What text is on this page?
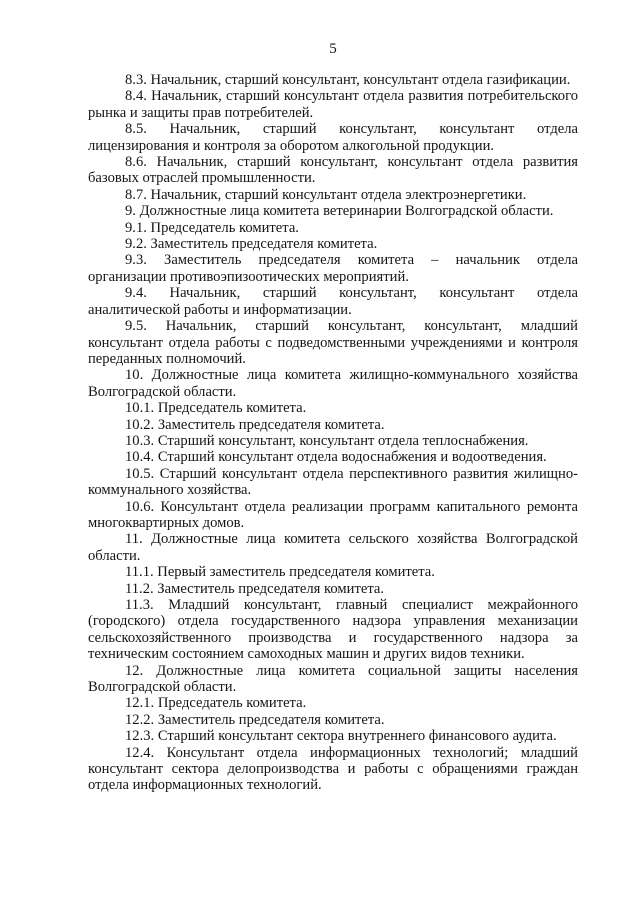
5

8.3. Начальник, старший консультант, консультант отдела газификации.

8.4. Начальник, старший консультант отдела развития потребительского рынка и защиты прав потребителей.

8.5. Начальник, старший консультант, консультант отдела лицензирования и контроля за оборотом алкогольной продукции.

8.6. Начальник, старший консультант, консультант отдела развития базовых отраслей промышленности.

8.7. Начальник, старший консультант отдела электроэнергетики.

9. Должностные лица комитета ветеринарии Волгоградской области.

9.1. Председатель комитета.

9.2. Заместитель председателя комитета.

9.3. Заместитель председателя комитета – начальник отдела организации противоэпизоотических мероприятий.

9.4. Начальник, старший консультант, консультант отдела аналитической работы и информатизации.

9.5. Начальник, старший консультант, консультант, младший консультант отдела работы с подведомственными учреждениями и контроля переданных полномочий.

10. Должностные лица комитета жилищно-коммунального хозяйства Волгоградской области.

10.1. Председатель комитета.

10.2. Заместитель председателя комитета.

10.3. Старший консультант, консультант отдела теплоснабжения.

10.4. Старший консультант отдела водоснабжения и водоотведения.

10.5. Старший консультант отдела перспективного развития жилищно-коммунального хозяйства.

10.6. Консультант отдела реализации программ капитального ремонта многоквартирных домов.

11. Должностные лица комитета сельского хозяйства Волгоградской области.

11.1. Первый заместитель председателя комитета.

11.2. Заместитель председателя комитета.

11.3. Младший консультант, главный специалист межрайонного (городского) отдела государственного надзора управления механизации сельскохозяйственного производства и государственного надзора за техническим состоянием самоходных машин и других видов техники.

12. Должностные лица комитета социальной защиты населения Волгоградской области.

12.1. Председатель комитета.

12.2. Заместитель председателя комитета.

12.3. Старший консультант сектора внутреннего финансового аудита.

12.4. Консультант отдела информационных технологий; младший консультант сектора делопроизводства и работы с обращениями граждан отдела информационных технологий.
